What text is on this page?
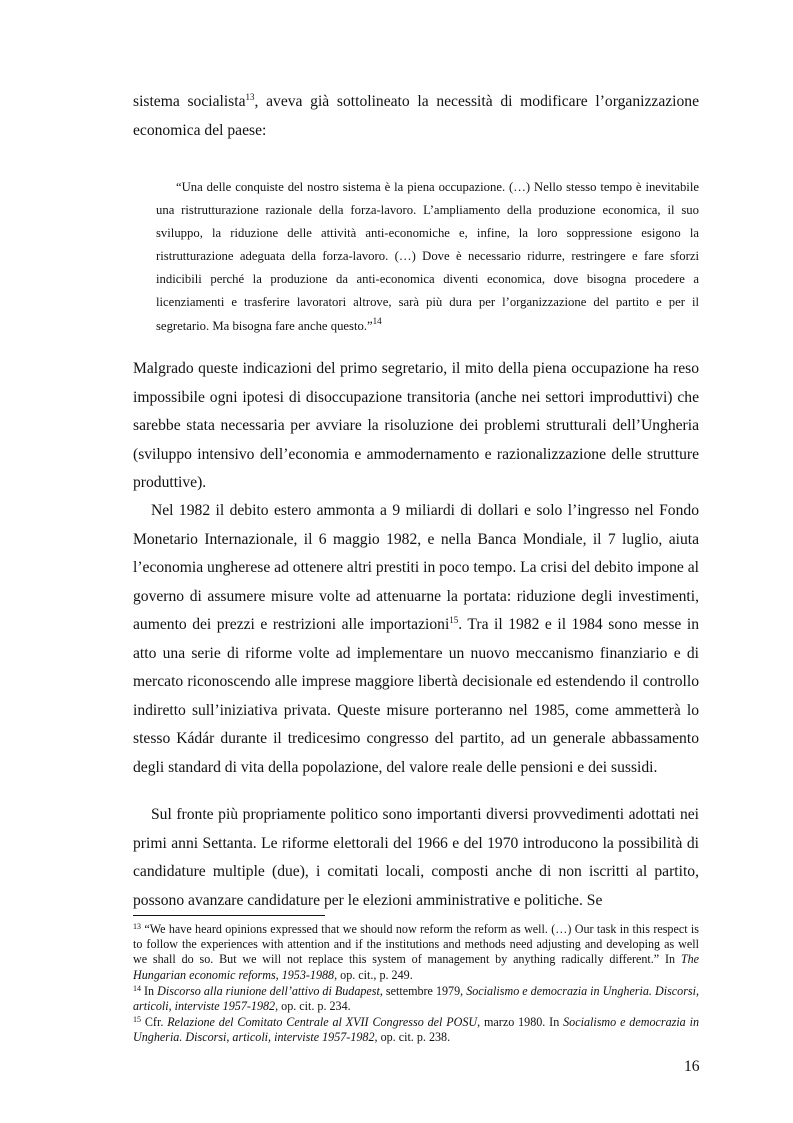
sistema socialista$^{13}$, aveva già sottolineato la necessità di modificare l’organizzazione economica del paese:

“Una delle conquiste del nostro sistema è la piena occupazione. (…) Nello stesso tempo è inevitabile una ristrutturazione razionale della forza-lavoro. L’ampliamento della produzione economica, il suo sviluppo, la riduzione delle attività anti-economiche e, infine, la loro soppressione esigono la ristrutturazione adeguata della forza-lavoro. (…) Dove è necessario ridurre, restringere e fare sforzi indicibili perché la produzione da anti-economica diventi economica, dove bisogna procedere a licenziamenti e trasferire lavoratori altrove, sarà più dura per l’organizzazione del partito e per il segretario. Ma bisogna fare anche questo.”$^{14}$

Malgrado queste indicazioni del primo segretario, il mito della piena occupazione ha reso impossibile ogni ipotesi di disoccupazione transitoria (anche nei settori improduttivi) che sarebbe stata necessaria per avviare la risoluzione dei problemi strutturali dell’Ungheria (sviluppo intensivo dell’economia e ammodernamento e razionalizzazione delle strutture produttive).

Nel 1982 il debito estero ammonta a 9 miliardi di dollari e solo l’ingresso nel Fondo Monetario Internazionale, il 6 maggio 1982, e nella Banca Mondiale, il 7 luglio, aiuta l’economia ungherese ad ottenere altri prestiti in poco tempo. La crisi del debito impone al governo di assumere misure volte ad attenuarne la portata: riduzione degli investimenti, aumento dei prezzi e restrizioni alle importazioni$^{15}$. Tra il 1982 e il 1984 sono messe in atto una serie di riforme volte ad implementare un nuovo meccanismo finanziario e di mercato riconoscendo alle imprese maggiore libertà decisionale ed estendendo il controllo indiretto sull’iniziativa privata. Queste misure porteranno nel 1985, come ammetterà lo stesso Kádár durante il tredicesimo congresso del partito, ad un generale abbassamento degli standard di vita della popolazione, del valore reale delle pensioni e dei sussidi.

Sul fronte più propriamente politico sono importanti diversi provvedimenti adottati nei primi anni Settanta. Le riforme elettorali del 1966 e del 1970 introducono la possibilità di candidature multiple (due), i comitati locali, composti anche di non iscritti al partito, possono avanzare candidature per le elezioni amministrative e politiche. Se

$^{13}$ “We have heard opinions expressed that we should now reform the reform as well. (…) Our task in this respect is to follow the experiences with attention and if the institutions and methods need adjusting and developing as well we shall do so. But we will not replace this system of management by anything radically different.” In The Hungarian economic reforms, 1953-1988, op. cit., p. 249.

$^{14}$ In Discorso alla riunione dell’attivo di Budapest, settembre 1979, Socialismo e democrazia in Ungheria. Discorsi, articoli, interviste 1957-1982, op. cit. p. 234.

$^{15}$ Cfr. Relazione del Comitato Centrale al XVII Congresso del POSU, marzo 1980. In Socialismo e democrazia in Ungheria. Discorsi, articoli, interviste 1957-1982, op. cit. p. 238.

16
